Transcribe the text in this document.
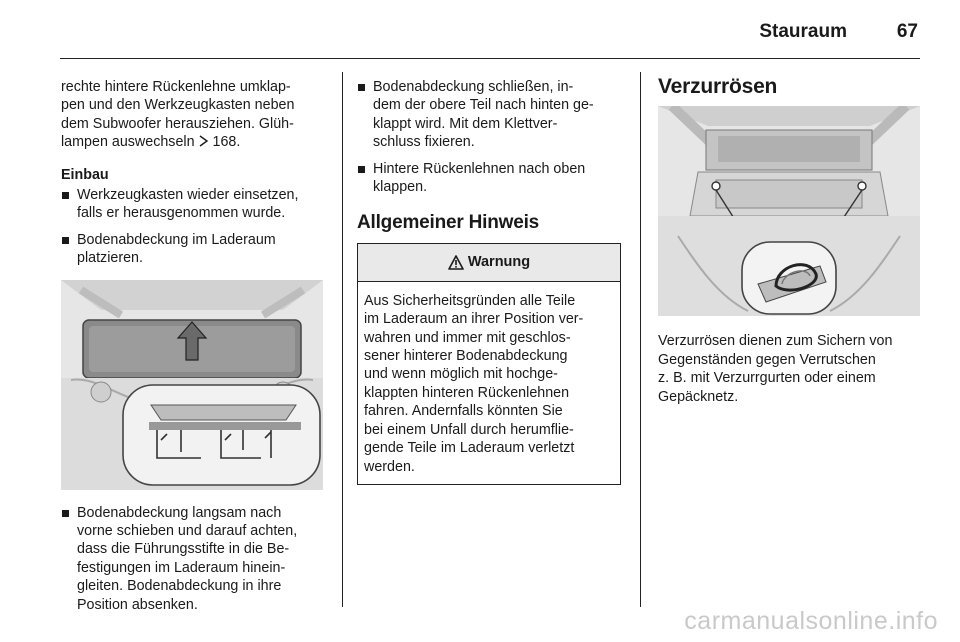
Stauraum	67
rechte hintere Rückenlehne umklap-
pen und den Werkzeugkasten neben
dem Subwoofer herausziehen. Glüh-
lampen auswechseln 168.
Einbau
Werkzeugkasten wieder einsetzen,
falls er herausgenommen wurde.
Bodenabdeckung im Laderaum
platzieren.
Bodenabdeckung langsam nach
vorne schieben und darauf achten,
dass die Führungsstifte in die Be-
festigungen im Laderaum hinein-
gleiten. Bodenabdeckung in ihre
Position absenken.
Bodenabdeckung schließen, in-
dem der obere Teil nach hinten ge-
klappt wird. Mit dem Klettver-
schluss fixieren.
Hintere Rückenlehnen nach oben
klappen.
Allgemeiner Hinweis
Warnung
Aus Sicherheitsgründen alle Teile
im Laderaum an ihrer Position ver-
wahren und immer mit geschlos-
sener hinterer Bodenabdeckung
und wenn möglich mit hochge-
klappten hinteren Rückenlehnen
fahren. Andernfalls könnten Sie
bei einem Unfall durch herumflie-
gende Teile im Laderaum verletzt
werden.
Verzurrösen
Verzurrösen dienen zum Sichern von
Gegenständen gegen Verrutschen
z. B. mit Verzurrgurten oder einem
Gepäcknetz.
carmanualsonline.info
